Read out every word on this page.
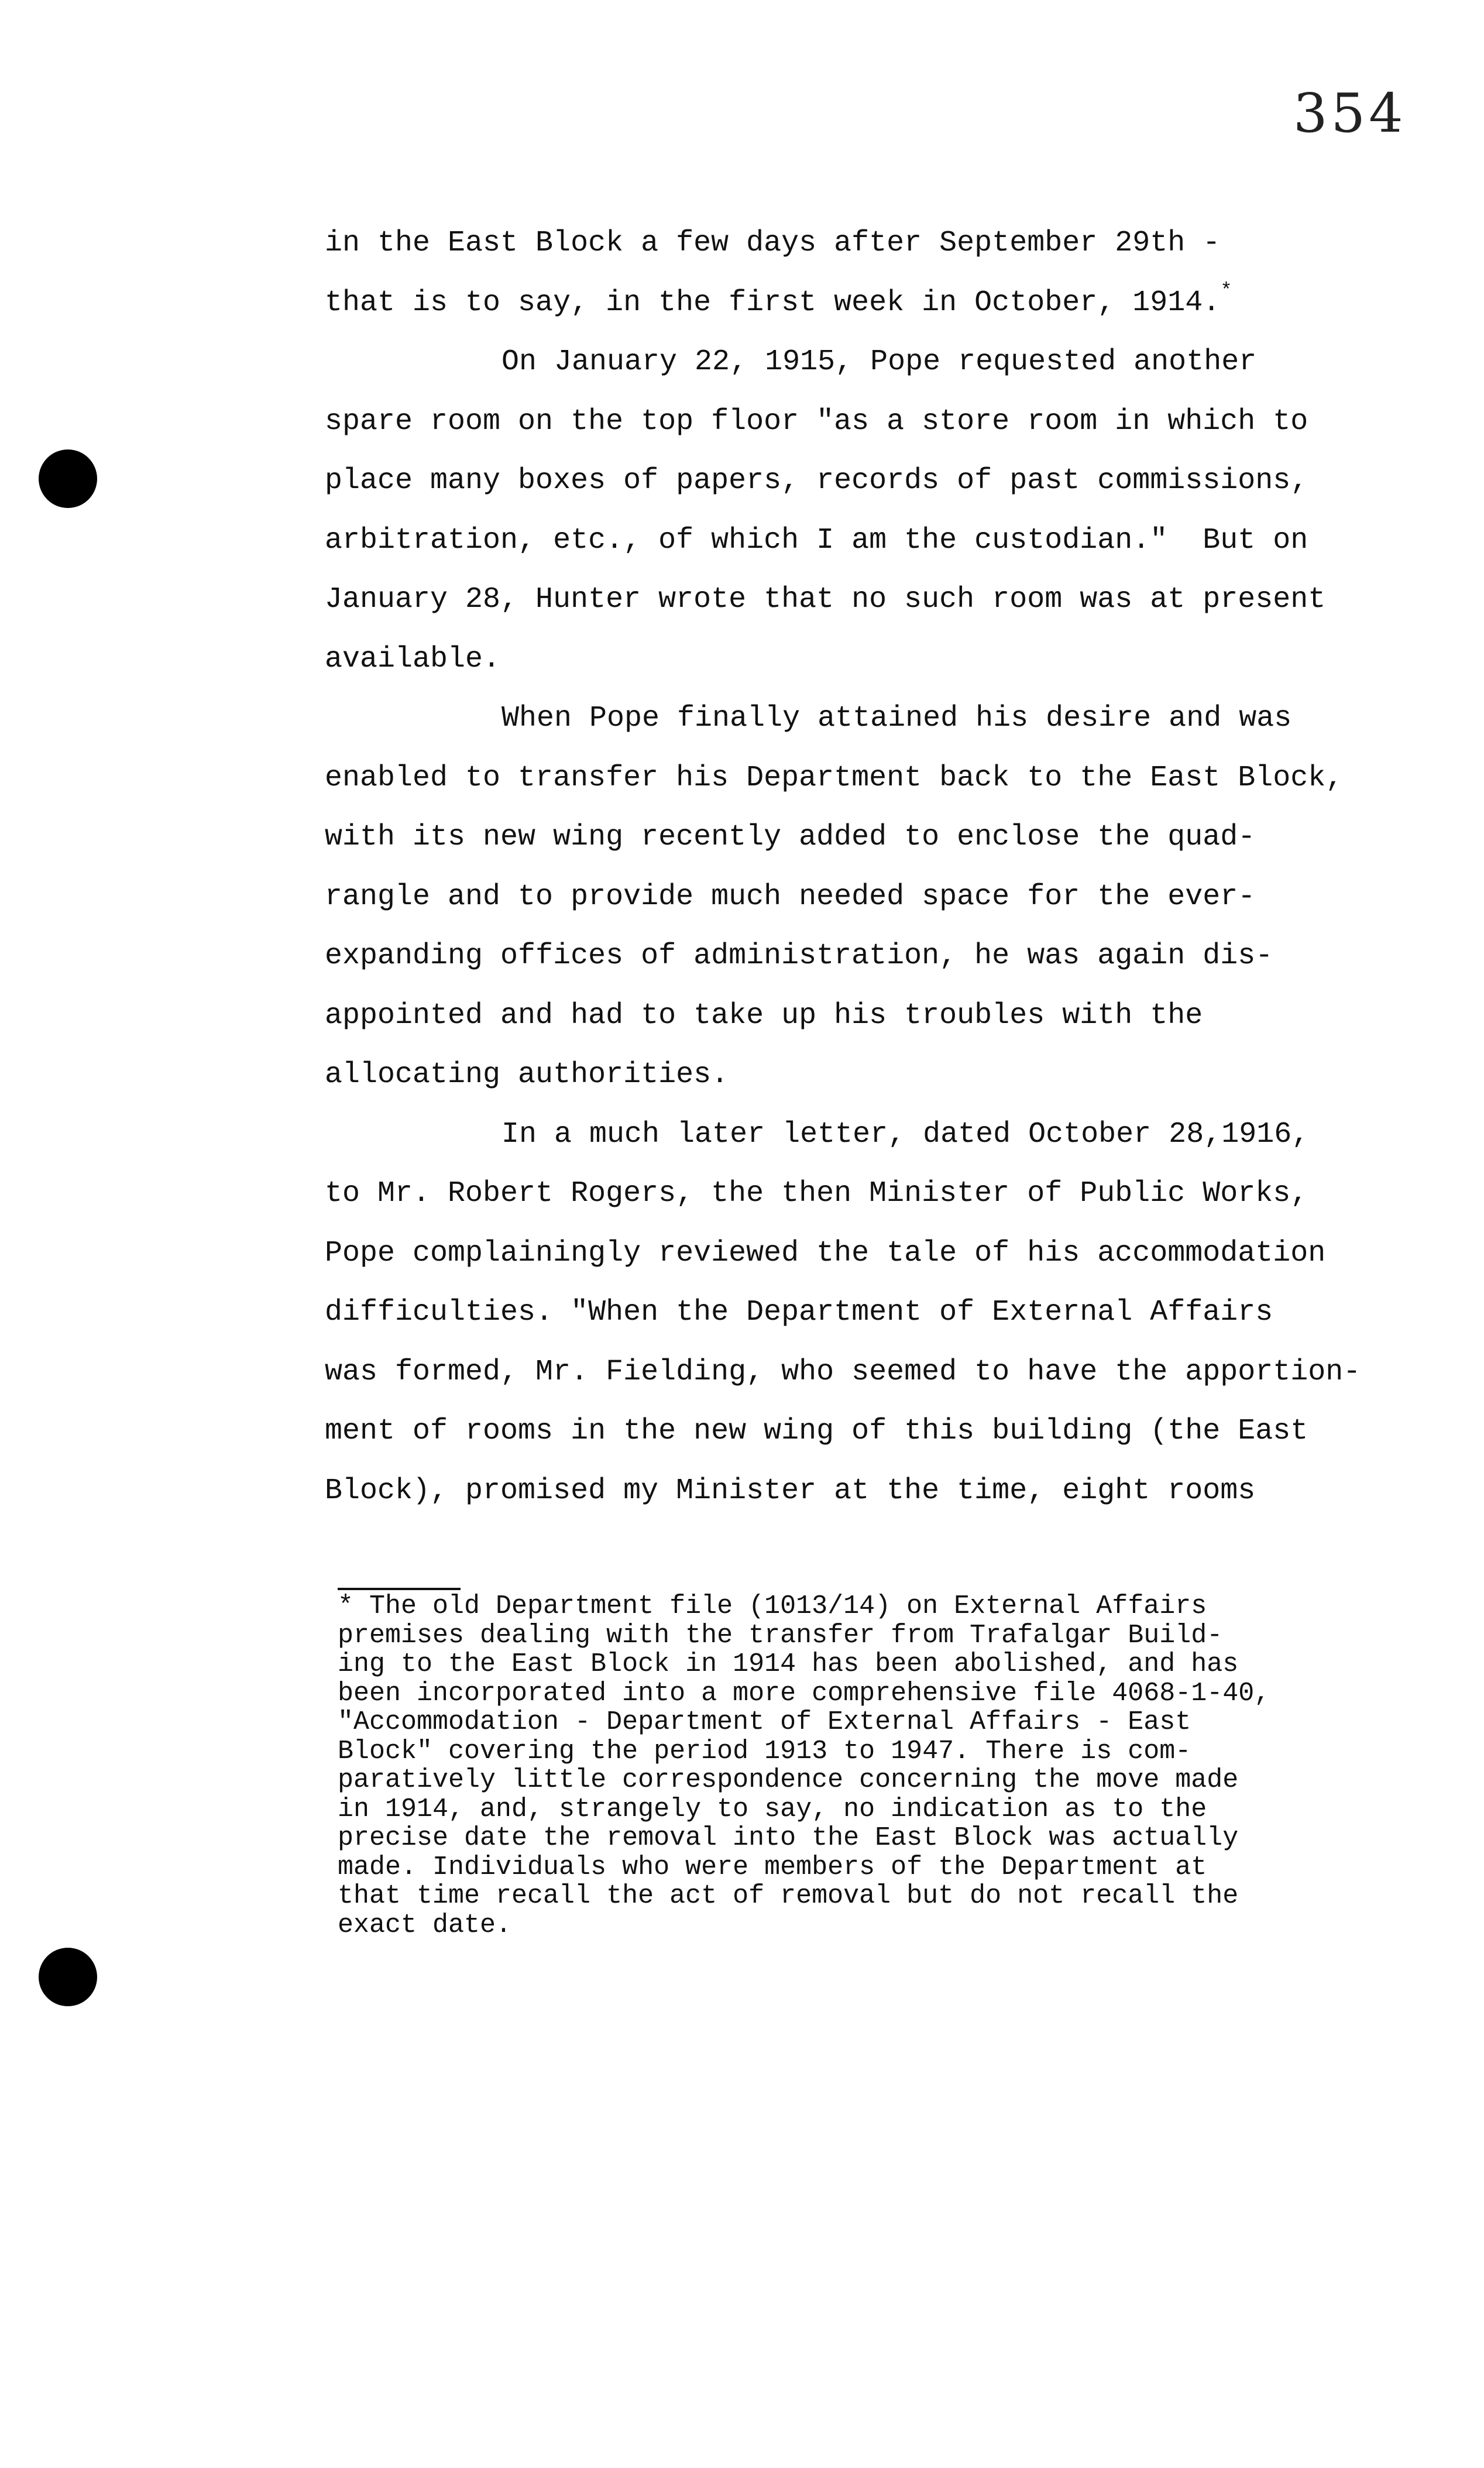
354
in the East Block a few days after September 29th -
that is to say, in the first week in October, 1914.*
On January 22, 1915, Pope requested another
spare room on the top floor "as a store room in which to
place many boxes of papers, records of past commissions,
arbitration, etc., of which I am the custodian."  But on
January 28, Hunter wrote that no such room was at present
available.
When Pope finally attained his desire and was
enabled to transfer his Department back to the East Block,
with its new wing recently added to enclose the quad-
rangle and to provide much needed space for the ever-
expanding offices of administration, he was again dis-
appointed and had to take up his troubles with the
allocating authorities.
In a much later letter, dated October 28,1916,
to Mr. Robert Rogers, the then Minister of Public Works,
Pope complainingly reviewed the tale of his accommodation
difficulties. "When the Department of External Affairs
was formed, Mr. Fielding, who seemed to have the apportion-
ment of rooms in the new wing of this building (the East
Block), promised my Minister at the time, eight rooms
* The old Department file (1013/14) on External Affairs
premises dealing with the transfer from Trafalgar Build-
ing to the East Block in 1914 has been abolished, and has
been incorporated into a more comprehensive file 4068-1-40,
"Accommodation - Department of External Affairs - East
Block" covering the period 1913 to 1947. There is com-
paratively little correspondence concerning the move made
in 1914, and, strangely to say, no indication as to the
precise date the removal into the East Block was actually
made. Individuals who were members of the Department at
that time recall the act of removal but do not recall the
exact date.
